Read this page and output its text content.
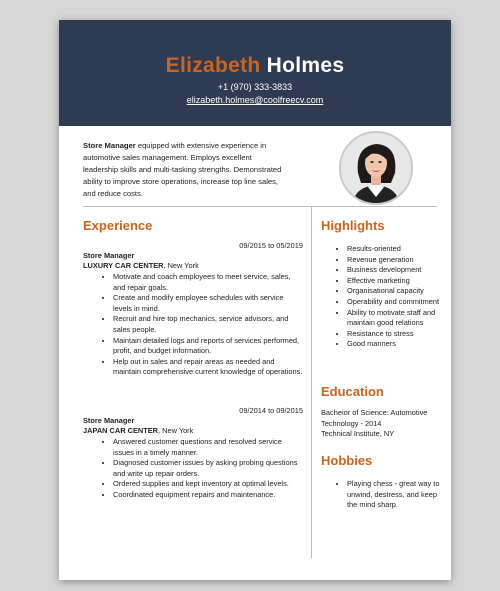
Elizabeth Holmes
+1 (970) 333-3833
elizabeth.holmes@coolfreecv.com
Store Manager equipped with extensive experience in automotive sales management. Employs excellent leadership skills and multi-tasking strengths. Demonstrated ability to improve store operations, increase top line sales, and reduce costs.
Experience
09/2015 to 05/2019
Store Manager
LUXURY CAR CENTER, New York
• Motivate and coach employees to meet service, sales, and repair goals.
• Create and modify employee schedules with service levels in mind.
• Recruit and hire top mechanics, service advisors, and sales people.
• Maintain detailed logs and reports of services performed, profit, and budget information.
• Help out in sales and repair areas as needed and maintain comprehensive current knowledge of operations.
09/2014 to 09/2015
Store Manager
JAPAN CAR CENTER, New York
• Answered customer questions and resolved service issues in a timely manner.
• Diagnosed customer issues by asking probing questions and write up repair orders.
• Ordered supplies and kept inventory at optimal levels.
• Coordinated equipment repairs and maintenance.
Highlights
• Results-oriented
• Revenue generation
• Business development
• Effective marketing
• Organisational capacity
• Operability and commitment
• Ability to motivate staff and maintain good relations
• Resistance to stress
• Good manners
Education
Bacheior of Science: Automotive Technology - 2014
Technical Institute, NY
Hobbies
• Playing chess - great way to unwind, destress, and keep the mind sharp.
